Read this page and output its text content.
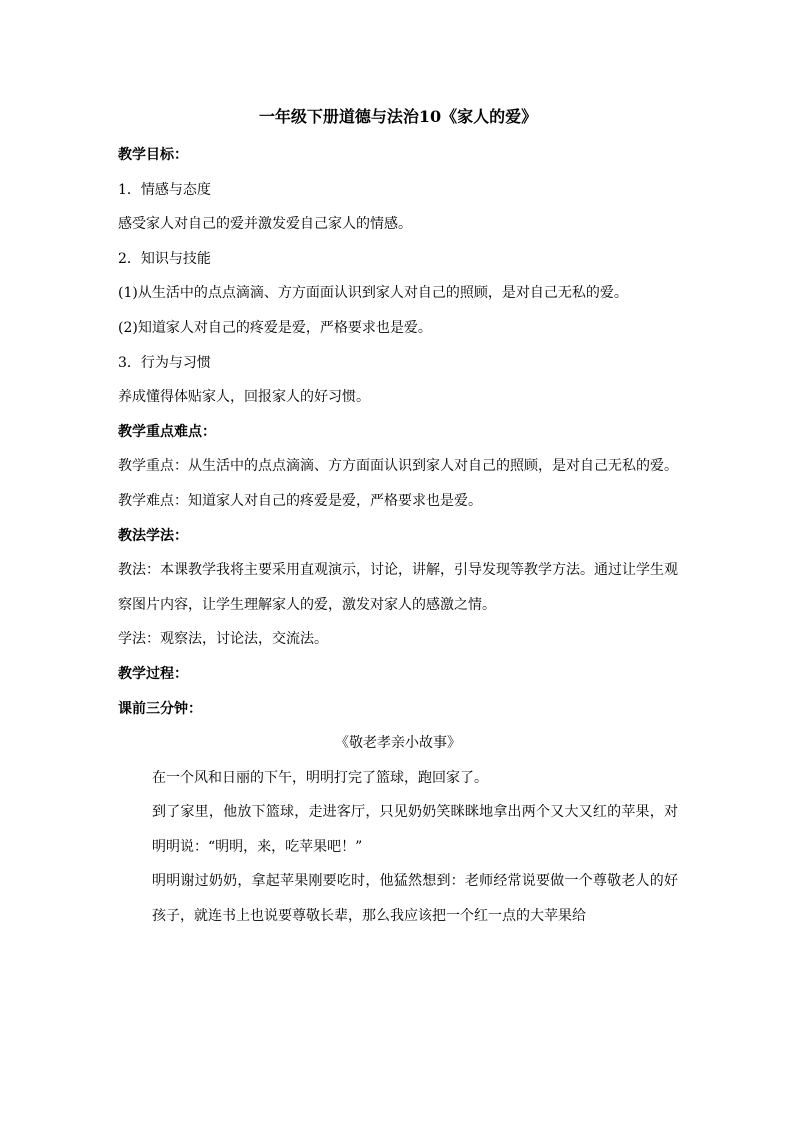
一年级下册道德与法治10《家人的爱》

教学目标：

1．情感与态度

感受家人对自己的爱并激发爱自己家人的情感。

2．知识与技能

(1)从生活中的点点滴滴、方方面面认识到家人对自己的照顾，是对自己无私的爱。

(2)知道家人对自己的疼爱是爱，严格要求也是爱。

3．行为与习惯

养成懂得体贴家人，回报家人的好习惯。

教学重点难点：

教学重点：从生活中的点点滴滴、方方面面认识到家人对自己的照顾，是对自己无私的爱。

教学难点：知道家人对自己的疼爱是爱，严格要求也是爱。

教法学法：

教法：本课教学我将主要采用直观演示，讨论，讲解，引导发现等教学方法。通过让学生观察图片内容，让学生理解家人的爱，激发对家人的感激之情。

学法：观察法，讨论法，交流法。

教学过程：

课前三分钟：

《敬老孝亲小故事》

在一个风和日丽的下午，明明打完了篮球，跑回家了。

到了家里，他放下篮球，走进客厅，只见奶奶笑眯眯地拿出两个又大又红的苹果，对明明说：“明明，来，吃苹果吧！”

明明谢过奶奶，拿起苹果刚要吃时，他猛然想到：老师经常说要做一个尊敬老人的好孩子，就连书上也说要尊敬长辈，那么我应该把一个红一点的大苹果给
